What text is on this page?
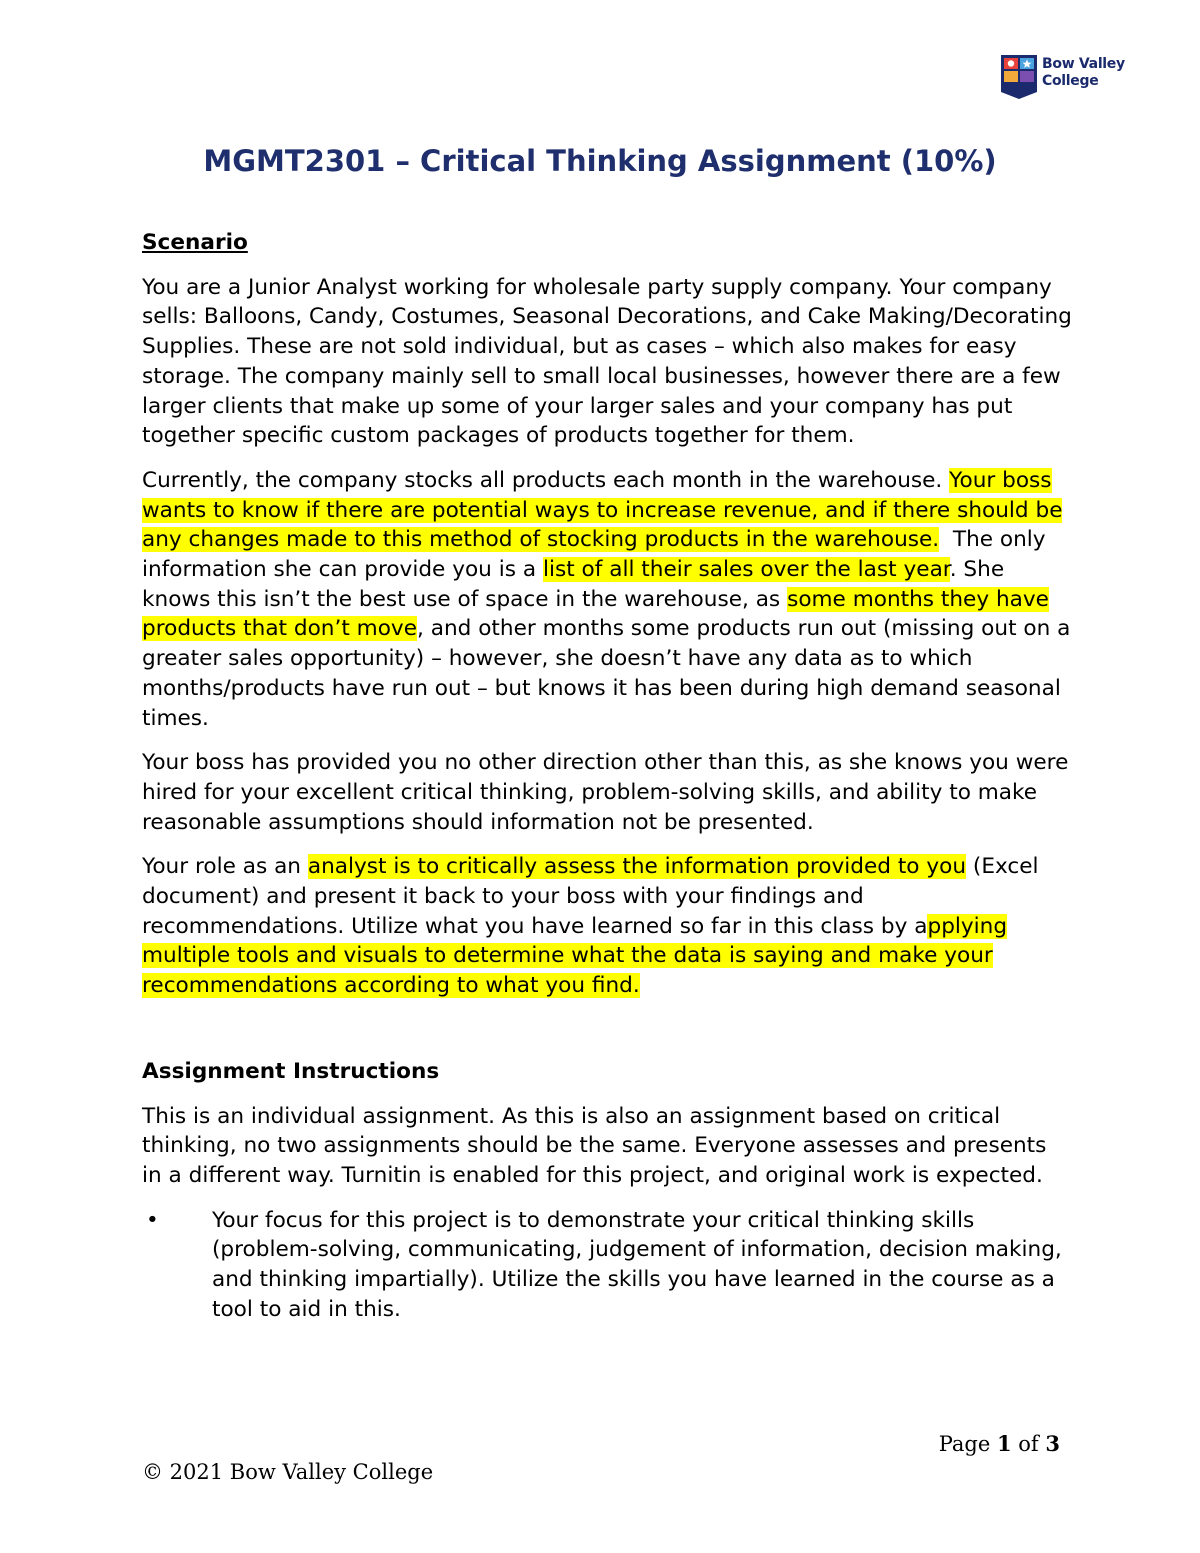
Bow Valley
College
MGMT2301 – Critical Thinking Assignment (10%)
Scenario

You are a Junior Analyst working for wholesale party supply company. Your company sells: Balloons, Candy, Costumes, Seasonal Decorations, and Cake Making/Decorating Supplies. These are not sold individual, but as cases – which also makes for easy storage. The company mainly sell to small local businesses, however there are a few larger clients that make up some of your larger sales and your company has put together specific custom packages of products together for them.

Currently, the company stocks all products each month in the warehouse. Your boss wants to know if there are potential ways to increase revenue, and if there should be any changes made to this method of stocking products in the warehouse.  The only information she can provide you is a list of all their sales over the last year. She knows this isn’t the best use of space in the warehouse, as some months they have products that don’t move, and other months some products run out (missing out on a greater sales opportunity) – however, she doesn’t have any data as to which months/products have run out – but knows it has been during high demand seasonal times.

Your boss has provided you no other direction other than this, as she knows you were hired for your excellent critical thinking, problem-solving skills, and ability to make reasonable assumptions should information not be presented.

Your role as an analyst is to critically assess the information provided to you (Excel document) and present it back to your boss with your findings and recommendations. Utilize what you have learned so far in this class by applying multiple tools and visuals to determine what the data is saying and make your recommendations according to what you find.

Assignment Instructions

This is an individual assignment. As this is also an assignment based on critical thinking, no two assignments should be the same. Everyone assesses and presents in a different way. Turnitin is enabled for this project, and original work is expected.

• Your focus for this project is to demonstrate your critical thinking skills (problem-solving, communicating, judgement of information, decision making, and thinking impartially). Utilize the skills you have learned in the course as a tool to aid in this.
Page 1 of 3
© 2021 Bow Valley College
